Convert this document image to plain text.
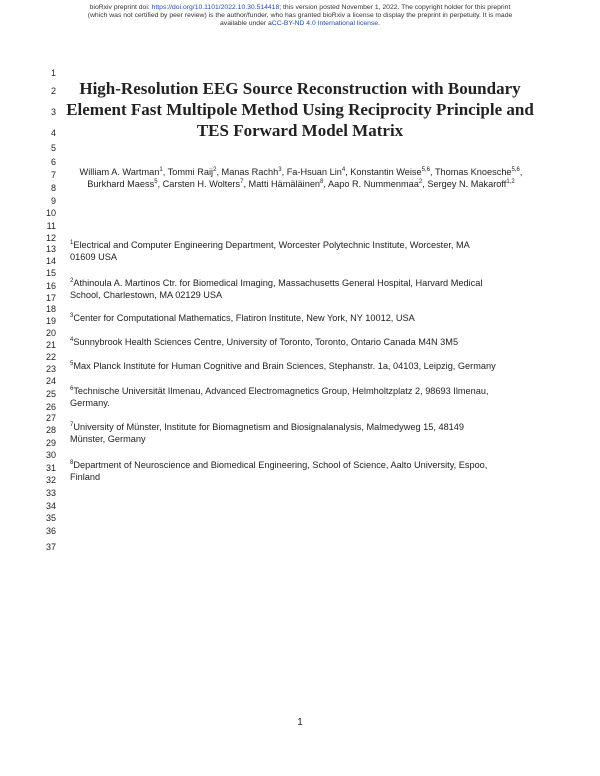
bioRxiv preprint doi: https://doi.org/10.1101/2022.10.30.514418; this version posted November 1, 2022. The copyright holder for this preprint
(which was not certified by peer review) is the author/funder, who has granted bioRxiv a license to display the preprint in perpetuity. It is made
available under aCC-BY-ND 4.0 International license.
1
2
3
4
5
6
7
8
9
10
11
12
13
14
15
16
17
18
19
20
21
22
23
24
25
26
27
28
29
30
31
32
33
34
35
36
37
High-Resolution EEG Source Reconstruction with Boundary
Element Fast Multipole Method Using Reciprocity Principle and
TES Forward Model Matrix
William A. Wartman$^1$, Tommi Raij$^2$, Manas Rachh$^3$, Fa-Hsuan Lin$^4$, Konstantin Weise$^{5,6}$, Thomas Knoesche$^{5,6}$, Burkhard Maess$^5$, Carsten H. Wolters$^7$, Matti Hämäläinen$^8$, Aapo R. Nummenmaa$^2$, Sergey N. Makaroff$^{1,2}$
$^1$Electrical and Computer Engineering Department, Worcester Polytechnic Institute, Worcester, MA
01609 USA
$^2$Athinoula A. Martinos Ctr. for Biomedical Imaging, Massachusetts General Hospital, Harvard Medical
School, Charlestown, MA 02129 USA
$^3$Center for Computational Mathematics, Flatiron Institute, New York, NY 10012, USA
$^4$Sunnybrook Health Sciences Centre, University of Toronto, Toronto, Ontario Canada M4N 3M5
$^5$Max Planck Institute for Human Cognitive and Brain Sciences, Stephanstr. 1a, 04103, Leipzig, Germany
$^6$Technische Universität Ilmenau, Advanced Electromagnetics Group, Helmholtzplatz 2, 98693 Ilmenau,
Germany.
$^7$University of Münster, Institute for Biomagnetism and Biosignalanalysis, Malmedyweg 15, 48149
Münster, Germany
$^8$Department of Neuroscience and Biomedical Engineering, School of Science, Aalto University, Espoo,
Finland
1
